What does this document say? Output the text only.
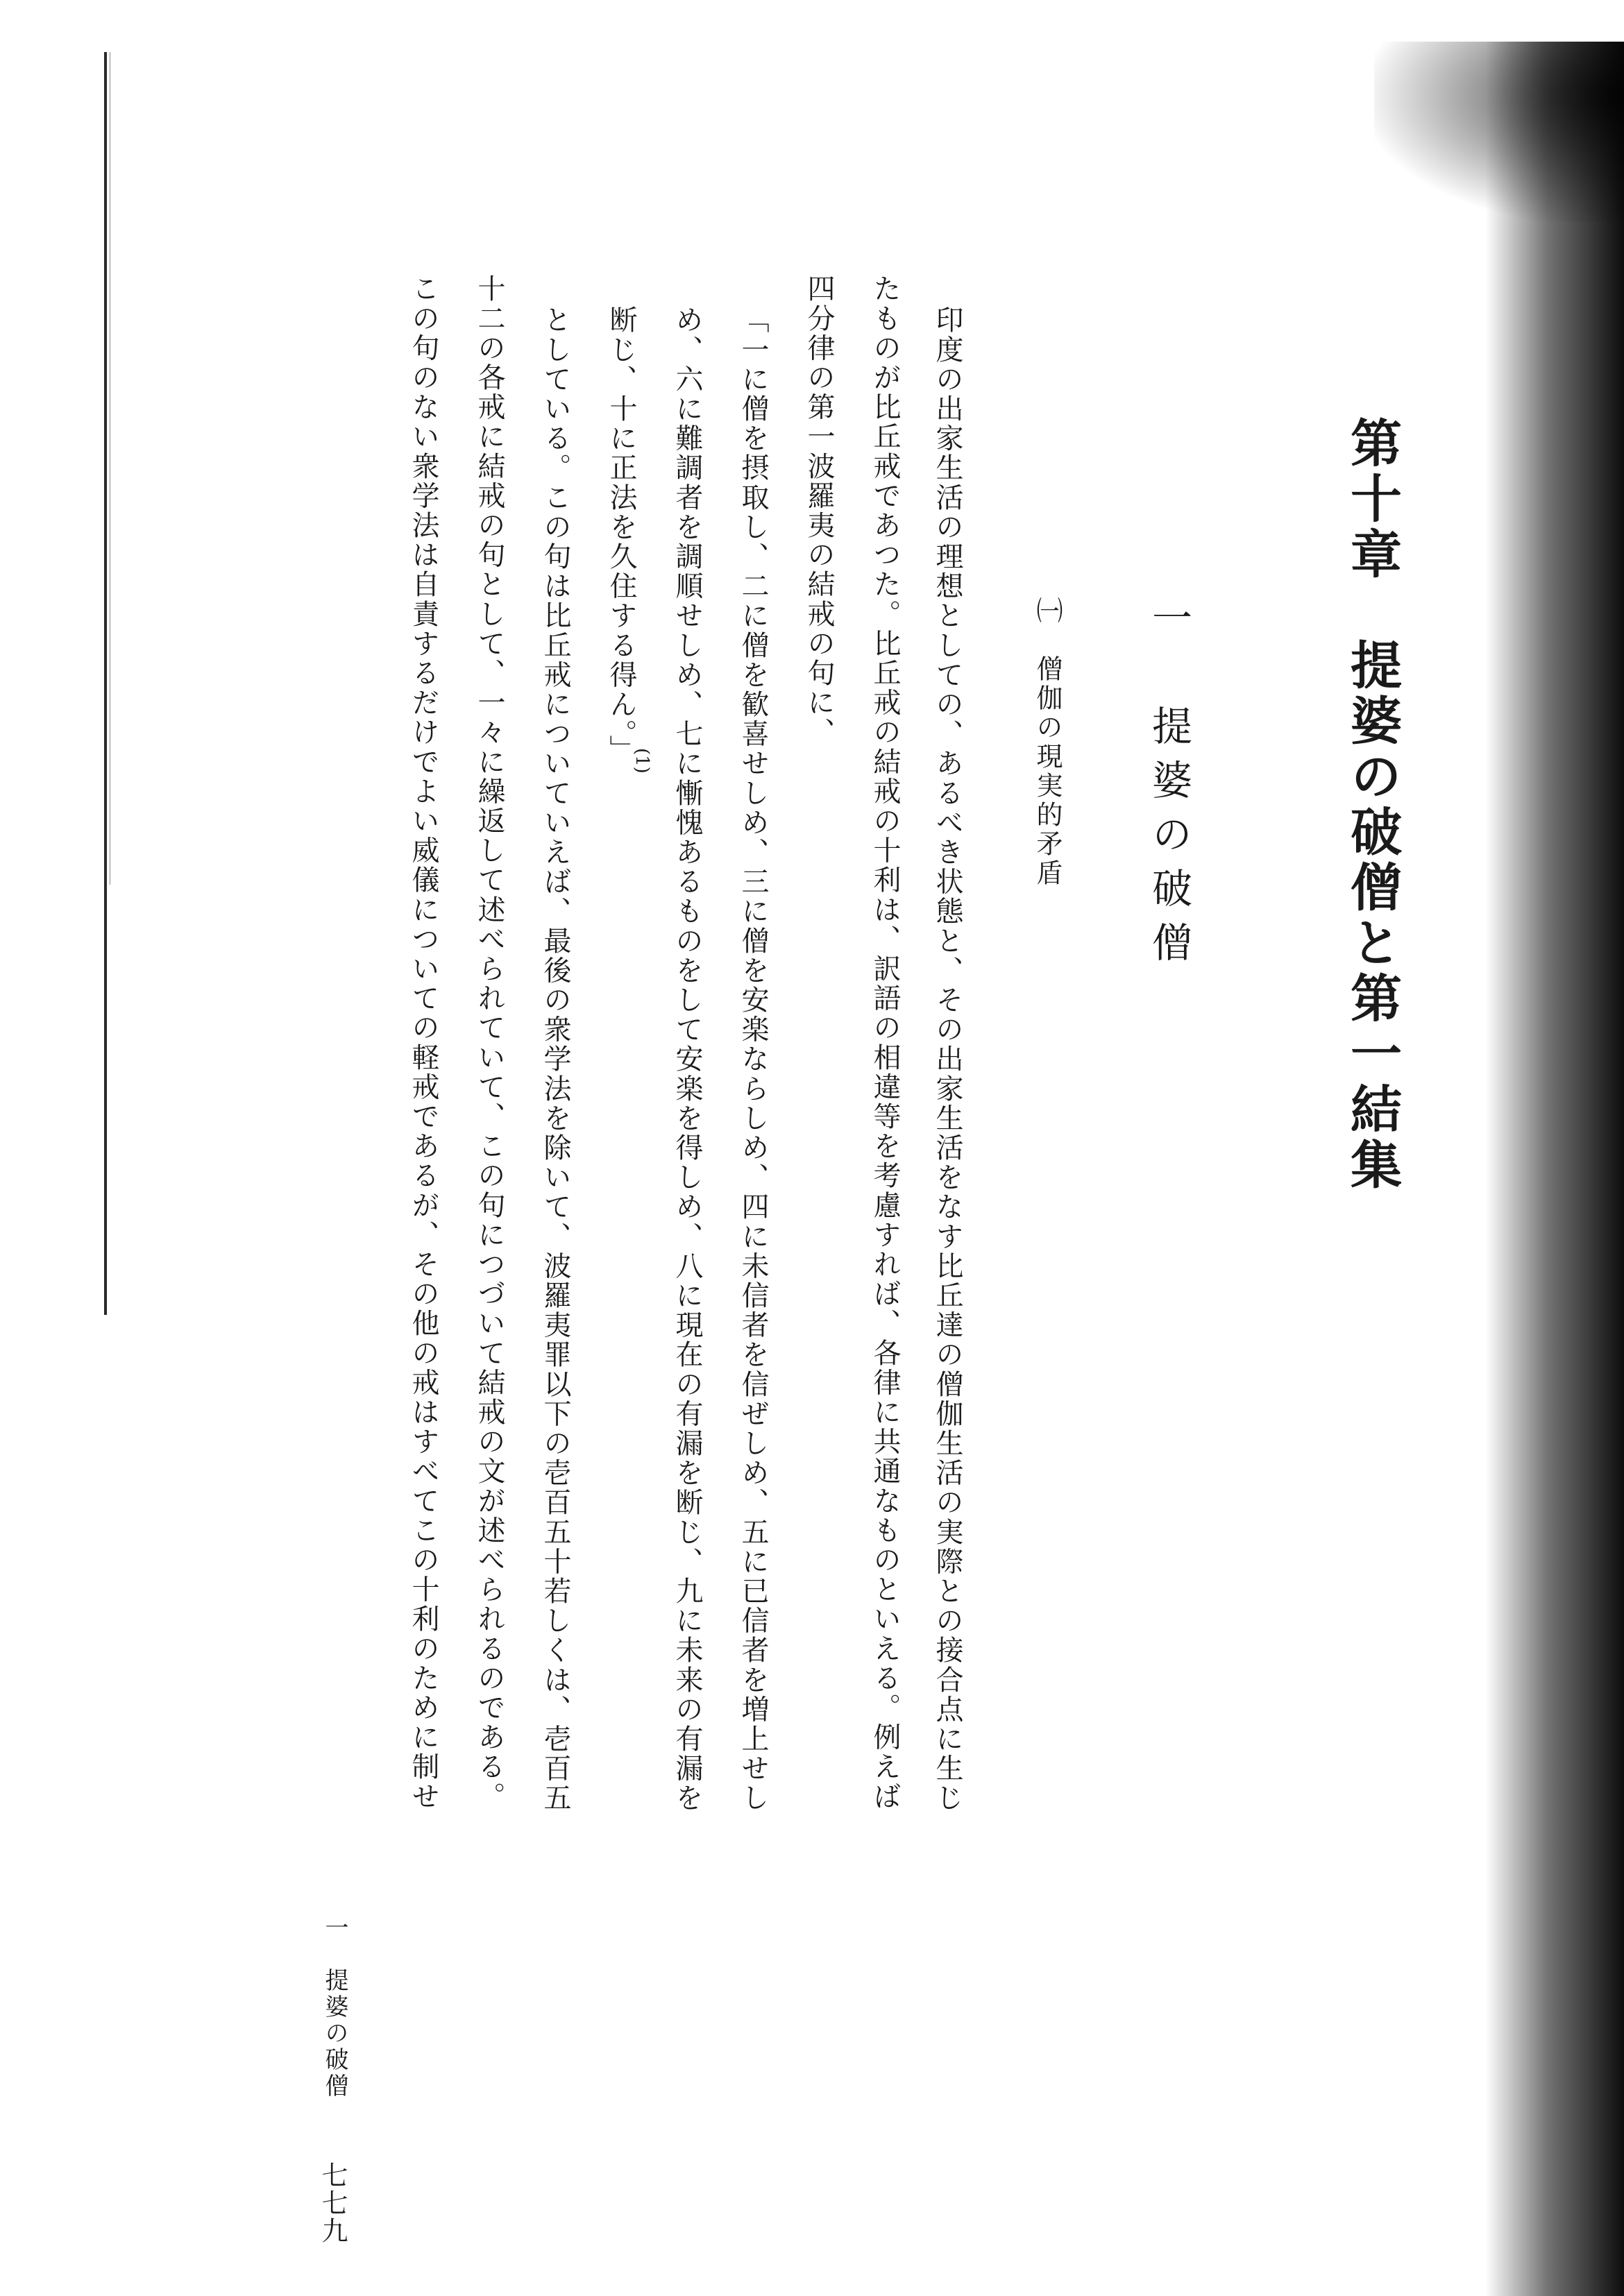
第十章　提婆の破僧と第一結集
一　提婆の破僧
㈠　僧伽の現実的矛盾
印度の出家生活の理想としての、あるべき状態と、その出家生活をなす比丘達の僧伽生活の実際との接合点に生じ
たものが比丘戒であつた。比丘戒の結戒の十利は、訳語の相違等を考慮すれば、各律に共通なものといえる。例えば
四分律の第一波羅夷の結戒の句に、
「一に僧を摂取し、二に僧を歓喜せしめ、三に僧を安楽ならしめ、四に未信者を信ぜしめ、五に已信者を増上せし
め、六に難調者を調順せしめ、七に慚愧あるものをして安楽を得しめ、八に現在の有漏を断じ、九に未来の有漏を
断じ、十に正法を久住する得ん。」
(1)
としている。この句は比丘戒についていえば、最後の衆学法を除いて、波羅夷罪以下の壱百五十若しくは、壱百五
十二の各戒に結戒の句として、一々に繰返して述べられていて、この句につづいて結戒の文が述べられるのである。
この句のない衆学法は自責するだけでよい威儀についての軽戒であるが、その他の戒はすべてこの十利のために制せ
一　提婆の破僧
七七九
